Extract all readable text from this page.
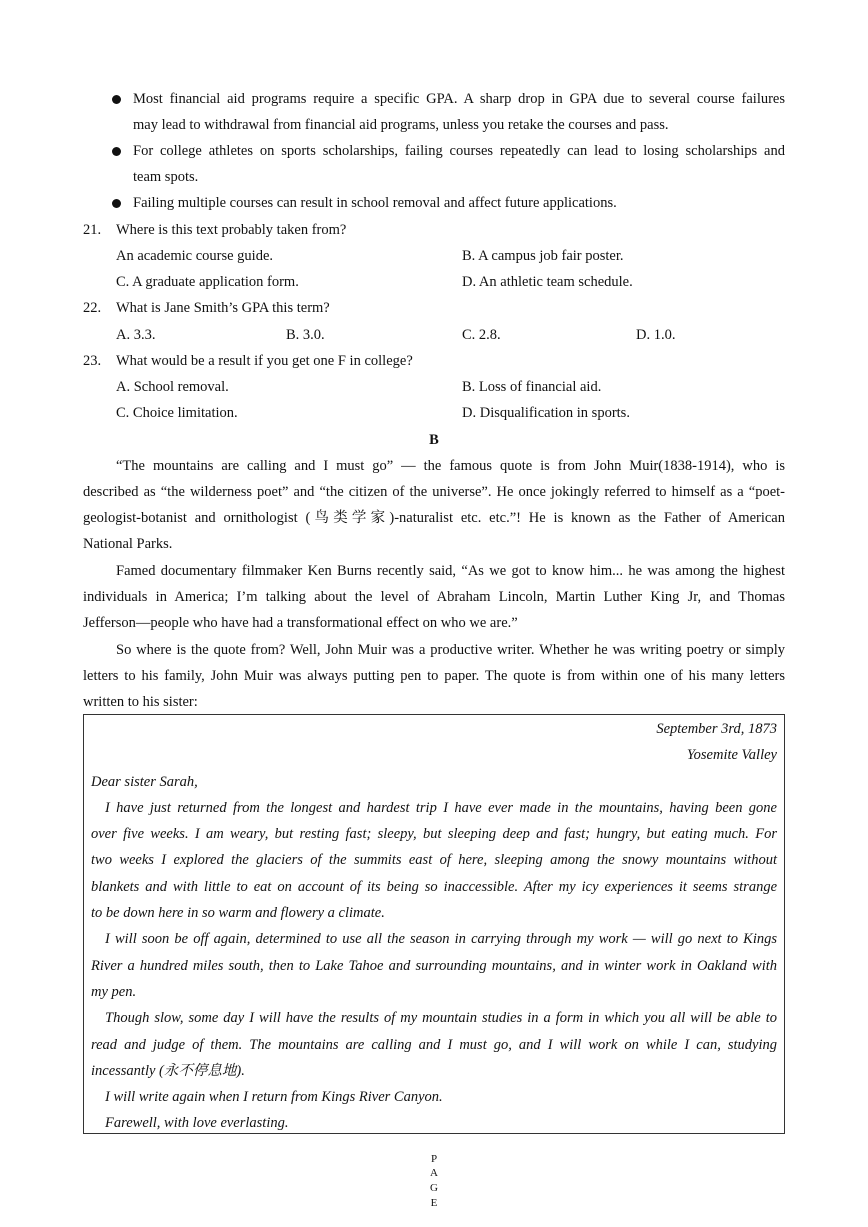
Most financial aid programs require a specific GPA. A sharp drop in GPA due to several course failures
may lead to withdrawal from financial aid programs, unless you retake the courses and pass.
For college athletes on sports scholarships, failing courses repeatedly can lead to losing scholarships and
team spots.
Failing multiple courses can result in school removal and affect future applications.
21. Where is this text probably taken from?
An academic course guide.	B. A campus job fair poster.
C. A graduate application form.	D. An athletic team schedule.
22. What is Jane Smith’s GPA this term?
A. 3.3.	B. 3.0.	C. 2.8.	D. 1.0.
23. What would be a result if you get one F in college?
A. School removal.	B. Loss of financial aid.
C. Choice limitation.	D. Disqualification in sports.
B
“The mountains are calling and I must go” — the famous quote is from John Muir(1838-1914), who is
described as “the wilderness poet” and “the citizen of the universe”. He once jokingly referred to himself as a “poet-
geologist-botanist and ornithologist (鸟类学家)-naturalist etc. etc.”! He is known as the Father of American
National Parks.
Famed documentary filmmaker Ken Burns recently said, “As we got to know him... he was among the highest
individuals in America; I’m talking about the level of Abraham Lincoln, Martin Luther King Jr, and Thomas
Jefferson—people who have had a transformational effect on who we are.”
So where is the quote from? Well, John Muir was a productive writer. Whether he was writing poetry or simply
letters to his family, John Muir was always putting pen to paper. The quote is from within one of his many letters
written to his sister:
September 3rd, 1873
Yosemite Valley
Dear sister Sarah,
I have just returned from the longest and hardest trip I have ever made in the mountains, having been gone
over five weeks. I am weary, but resting fast; sleepy, but sleeping deep and fast; hungry, but eating much. For
two weeks I explored the glaciers of the summits east of here, sleeping among the snowy mountains without
blankets and with little to eat on account of its being so inaccessible. After my icy experiences it seems strange
to be down here in so warm and flowery a climate.
I will soon be off again, determined to use all the season in carrying through my work — will go next to Kings
River a hundred miles south, then to Lake Tahoe and surrounding mountains, and in winter work in Oakland with
my pen.
Though slow, some day I will have the results of my mountain studies in a form in which you all will be able to
read and judge of them. The mountains are calling and I must go, and I will work on while I can, studying
incessantly (永不停息地).
I will write again when I return from Kings River Canyon.
Farewell, with love everlasting.
P
A
G
E
